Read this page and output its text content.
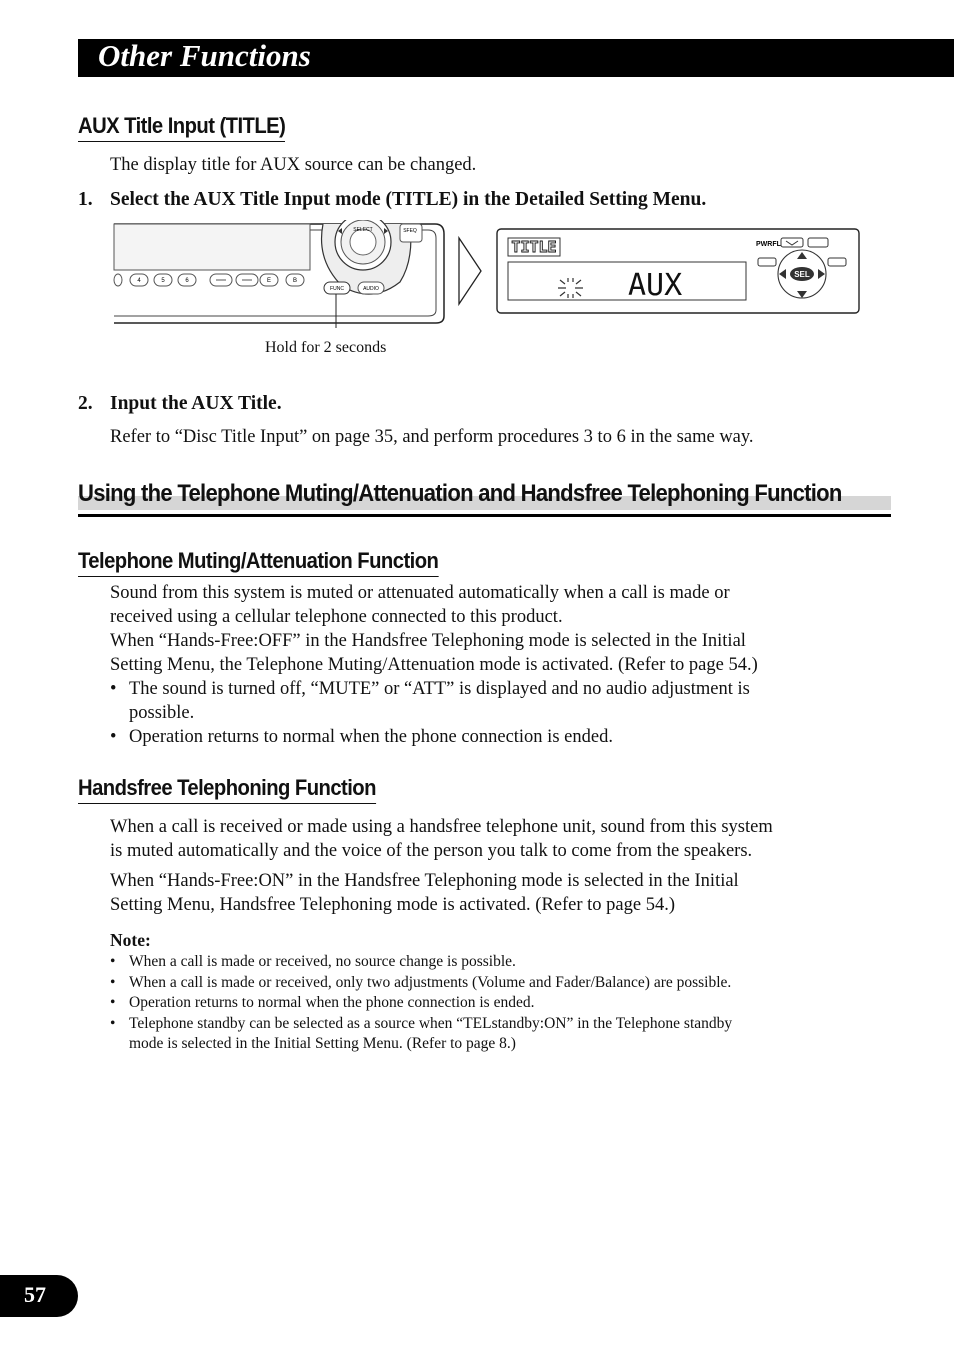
Other Functions
AUX Title Input (TITLE)
The display title for AUX source can be changed.
1. Select the AUX Title Input mode (TITLE) in the Detailed Setting Menu.
SELECT	SFEQ
FUNC	AUDIO
4	5	6	E	B
Hold for 2 seconds
TITLE
AUX
PWRFL
SEL
2. Input the AUX Title.
Refer to “Disc Title Input” on page 35, and perform procedures 3 to 6 in the same way.
Using the Telephone Muting/Attenuation and Handsfree Telephoning Function
Telephone Muting/Attenuation Function
Sound from this system is muted or attenuated automatically when a call is made or
received using a cellular telephone connected to this product.
When “Hands-Free:OFF” in the Handsfree Telephoning mode is selected in the Initial
Setting Menu, the Telephone Muting/Attenuation mode is activated. (Refer to page 54.)
• The sound is turned off, “MUTE” or “ATT” is displayed and no audio adjustment is
possible.
• Operation returns to normal when the phone connection is ended.
Handsfree Telephoning Function
When a call is received or made using a handsfree telephone unit, sound from this system
is muted automatically and the voice of the person you talk to come from the speakers.
When “Hands-Free:ON” in the Handsfree Telephoning mode is selected in the Initial
Setting Menu, Handsfree Telephoning mode is activated. (Refer to page 54.)
Note:
• When a call is made or received, no source change is possible.
• When a call is made or received, only two adjustments (Volume and Fader/Balance) are possible.
• Operation returns to normal when the phone connection is ended.
• Telephone standby can be selected as a source when “TELstandby:ON” in the Telephone standby
mode is selected in the Initial Setting Menu. (Refer to page 8.)
57
